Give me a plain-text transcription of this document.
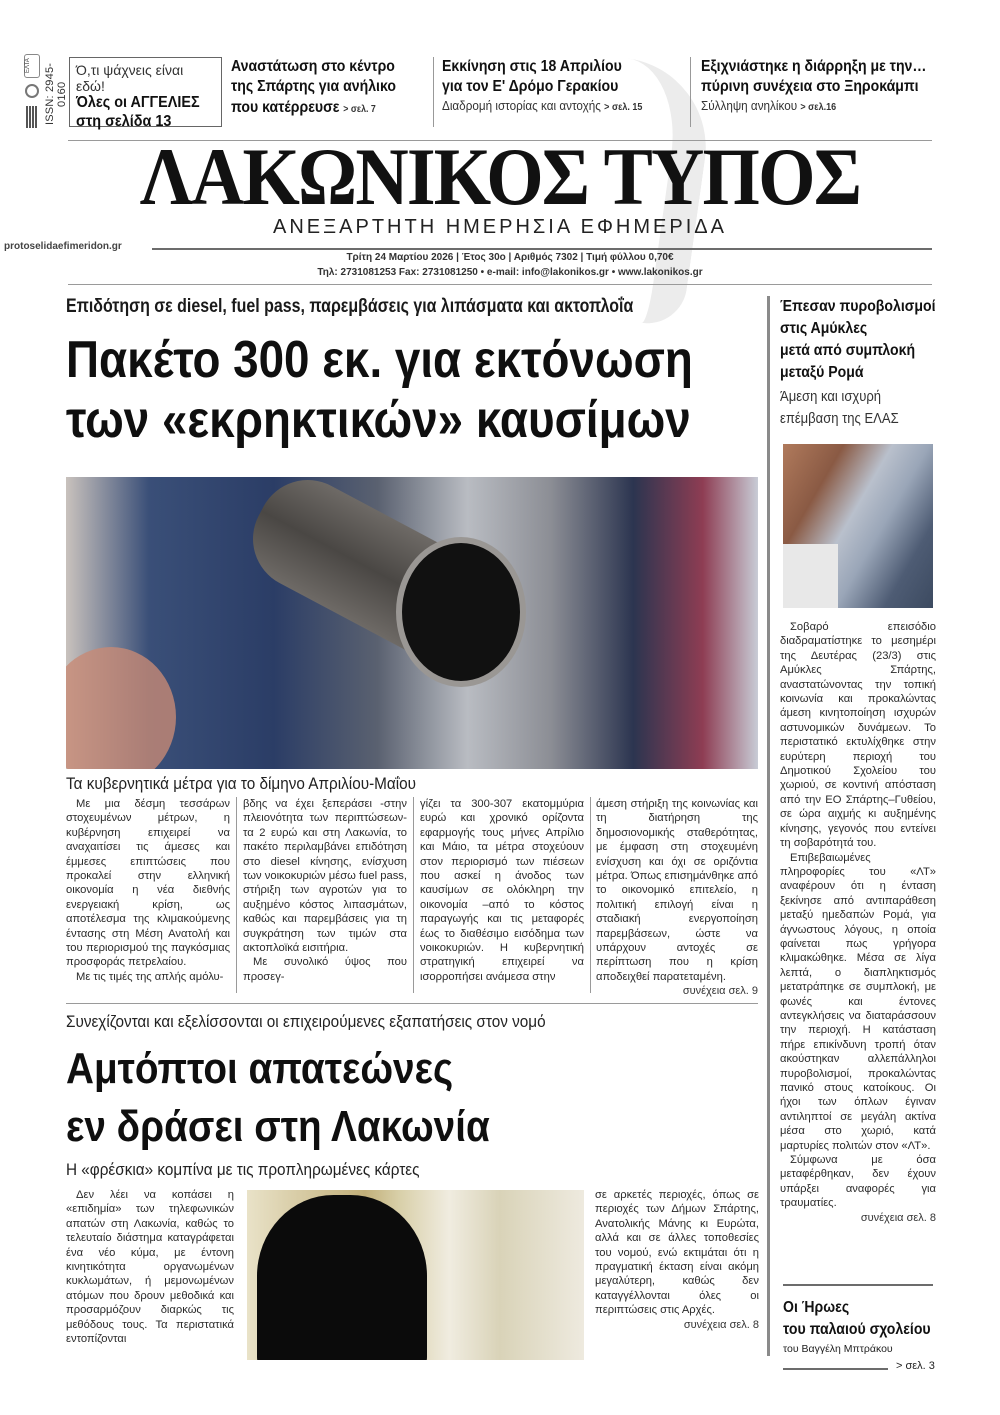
ΕΛΤΑ	ISSN: 2945-0160
Ό,τι ψάχνεις είναι εδώ!
Όλες οι ΑΓΓΕΛΙΕΣ
στη σελίδα 13
Αναστάτωση στο κέντρο
της Σπάρτης για ανήλικο
που κατέρρευσε > σελ. 7
Εκκίνηση στις 18 Απριλίου
για τον Ε' Δρόμο Γερακίου
Διαδρομή ιστορίας και αντοχής > σελ. 15
Εξιχνιάστηκε η διάρρηξη με την…
πύρινη συνέχεια στο Ξηροκάμπι
Σύλληψη ανηλίκου > σελ.16
ΛΑΚΩΝΙΚΟΣ ΤΥΠΟΣ
ΑΝΕΞΑΡΤΗΤΗ ΗΜΕΡΗΣΙΑ ΕΦΗΜΕΡΙΔΑ
protoselidaefimeridon.gr
Τρίτη 24 Μαρτίου 2026 | Έτος 30ο | Αριθμός 7302 | Τιμή φύλλου 0,70€
Τηλ: 2731081253 Fax: 2731081250 • e-mail: info@lakonikos.gr • www.lakonikos.gr
Επιδότηση σε diesel, fuel pass, παρεμβάσεις για λιπάσματα και ακτοπλοΐα
Πακέτο 300 εκ. για εκτόνωση
των «εκρηκτικών» καυσίμων
Τα κυβερνητικά μέτρα για το δίμηνο Απριλίου-Μαΐου

Με μια δέσμη τεσσάρων στοχευμένων μέτρων, η κυβέρνηση επιχειρεί να αναχαιτίσει τις άμεσες και έμμεσες επιπτώσεις που προκαλεί στην ελληνική οικονομία η νέα διεθνής ενεργειακή κρίση, ως αποτέλεσμα της κλιμακούμενης έντασης στη Μέση Ανατολή και του περιορισμού της παγκόσμιας προσφοράς πετρελαίου.

Με τις τιμές της απλής αμόλυ-

βδης να έχει ξεπεράσει -στην πλειονότητα των περιπτώσεων- τα 2 ευρώ και στη Λακωνία, το πακέτο περιλαμβάνει επιδότηση στο diesel κίνησης, ενίσχυση των νοικοκυριών μέσω fuel pass, στήριξη των αγροτών για το αυξημένο κόστος λιπασμάτων, καθώς και παρεμβάσεις για τη συγκράτηση των τιμών στα ακτοπλοϊκά εισιτήρια.

Με συνολικό ύψος που προσεγ-

γίζει τα 300-307 εκατομμύρια ευρώ και χρονικό ορίζοντα εφαρμογής τους μήνες Απρίλιο και Μάιο, τα μέτρα στοχεύουν στον περιορισμό των πιέσεων που ασκεί η άνοδος των καυσίμων σε ολόκληρη την οικονομία –από το κόστος παραγωγής και τις μεταφορές έως το διαθέσιμο εισόδημα των νοικοκυριών. Η κυβερνητική στρατηγική επιχειρεί να ισορροπήσει ανάμεσα στην

άμεση στήριξη της κοινωνίας και τη διατήρηση της δημοσιονομικής σταθερότητας, με έμφαση στη στοχευμένη ενίσχυση και όχι σε οριζόντια μέτρα. Όπως επισημάνθηκε από το οικονομικό επιτελείο, η πολιτική επιλογή είναι η σταδιακή ενεργοποίηση παρεμβάσεων, ώστε να υπάρχουν αντοχές σε περίπτωση που η κρίση αποδειχθεί παρατεταμένη.

συνέχεια σελ. 9
Συνεχίζονται και εξελίσσονται οι επιχειρούμενες εξαπατήσεις στον νομό
Αμτόπτοι απατεώνες
εν δράσει στη Λακωνία
Η «φρέσκια» κομπίνα με τις προπληρωμένες κάρτες

Δεν λέει να κοπάσει η «επιδημία» των τηλεφωνικών απατών στη Λακωνία, καθώς το τελευταίο διάστημα καταγράφεται ένα νέο κύμα, με έντονη κινητικότητα οργανωμένων κυκλωμάτων, ή μεμονωμένων ατόμων που δρουν μεθοδικά και προσαρμόζουν διαρκώς τις μεθόδους τους. Τα περιστατικά εντοπίζονται

σε αρκετές περιοχές, όπως σε περιοχές των Δήμων Σπάρτης, Ανατολικής Μάνης κι Ευρώτα, αλλά και σε άλλες τοποθεσίες του νομού, ενώ εκτιμάται ότι η πραγματική έκταση είναι ακόμη μεγαλύτερη, καθώς δεν καταγγέλλονται όλες οι περιπτώσεις στις Αρχές.

συνέχεια σελ. 8
Έπεσαν πυροβολισμοί
στις Αμύκλες
μετά από συμπλοκή
μεταξύ Ρομά
Άμεση και ισχυρή
επέμβαση της ΕΛΑΣ

Σοβαρό επεισόδιο διαδραματίστηκε το μεσημέρι της Δευτέρας (23/3) στις Αμύκλες Σπάρτης, αναστατώνοντας την τοπική κοινωνία και προκαλώντας άμεση κινητοποίηση ισχυρών αστυνομικών δυνάμεων. Το περιστατικό εκτυλίχθηκε στην ευρύτερη περιοχή του Δημοτικού Σχολείου του χωριού, σε κοντινή απόσταση από την ΕΟ Σπάρτης–Γυθείου, σε ώρα αιχμής κι αυξημένης κίνησης, γεγονός που εντείνει τη σοβαρότητά του.

Επιβεβαιωμένες πληροφορίες του «ΛΤ» αναφέρουν ότι η ένταση ξεκίνησε από αντιπαράθεση μεταξύ ημεδαπών Ρομά, για άγνωστους λόγους, η οποία φαίνεται πως γρήγορα κλιμακώθηκε. Μέσα σε λίγα λεπτά, ο διαπληκτισμός μετατράπηκε σε συμπλοκή, με φωνές και έντονες αντεγκλήσεις να διαταράσσουν την περιοχή. Η κατάσταση πήρε επικίνδυνη τροπή όταν ακούστηκαν αλλεπάλληλοι πυροβολισμοί, προκαλώντας πανικό στους κατοίκους. Οι ήχοι των όπλων έγιναν αντιληπτοί σε μεγάλη ακτίνα μέσα στο χωριό, κατά μαρτυρίες πολιτών στον «ΛΤ».

Σύμφωνα με όσα μεταφέρθηκαν, δεν έχουν υπάρξει αναφορές για τραυματίες.

συνέχεια σελ. 8
Οι Ήρωες
του παλαιού σχολείου
του Βαγγέλη Μπτράκου
> σελ. 3
